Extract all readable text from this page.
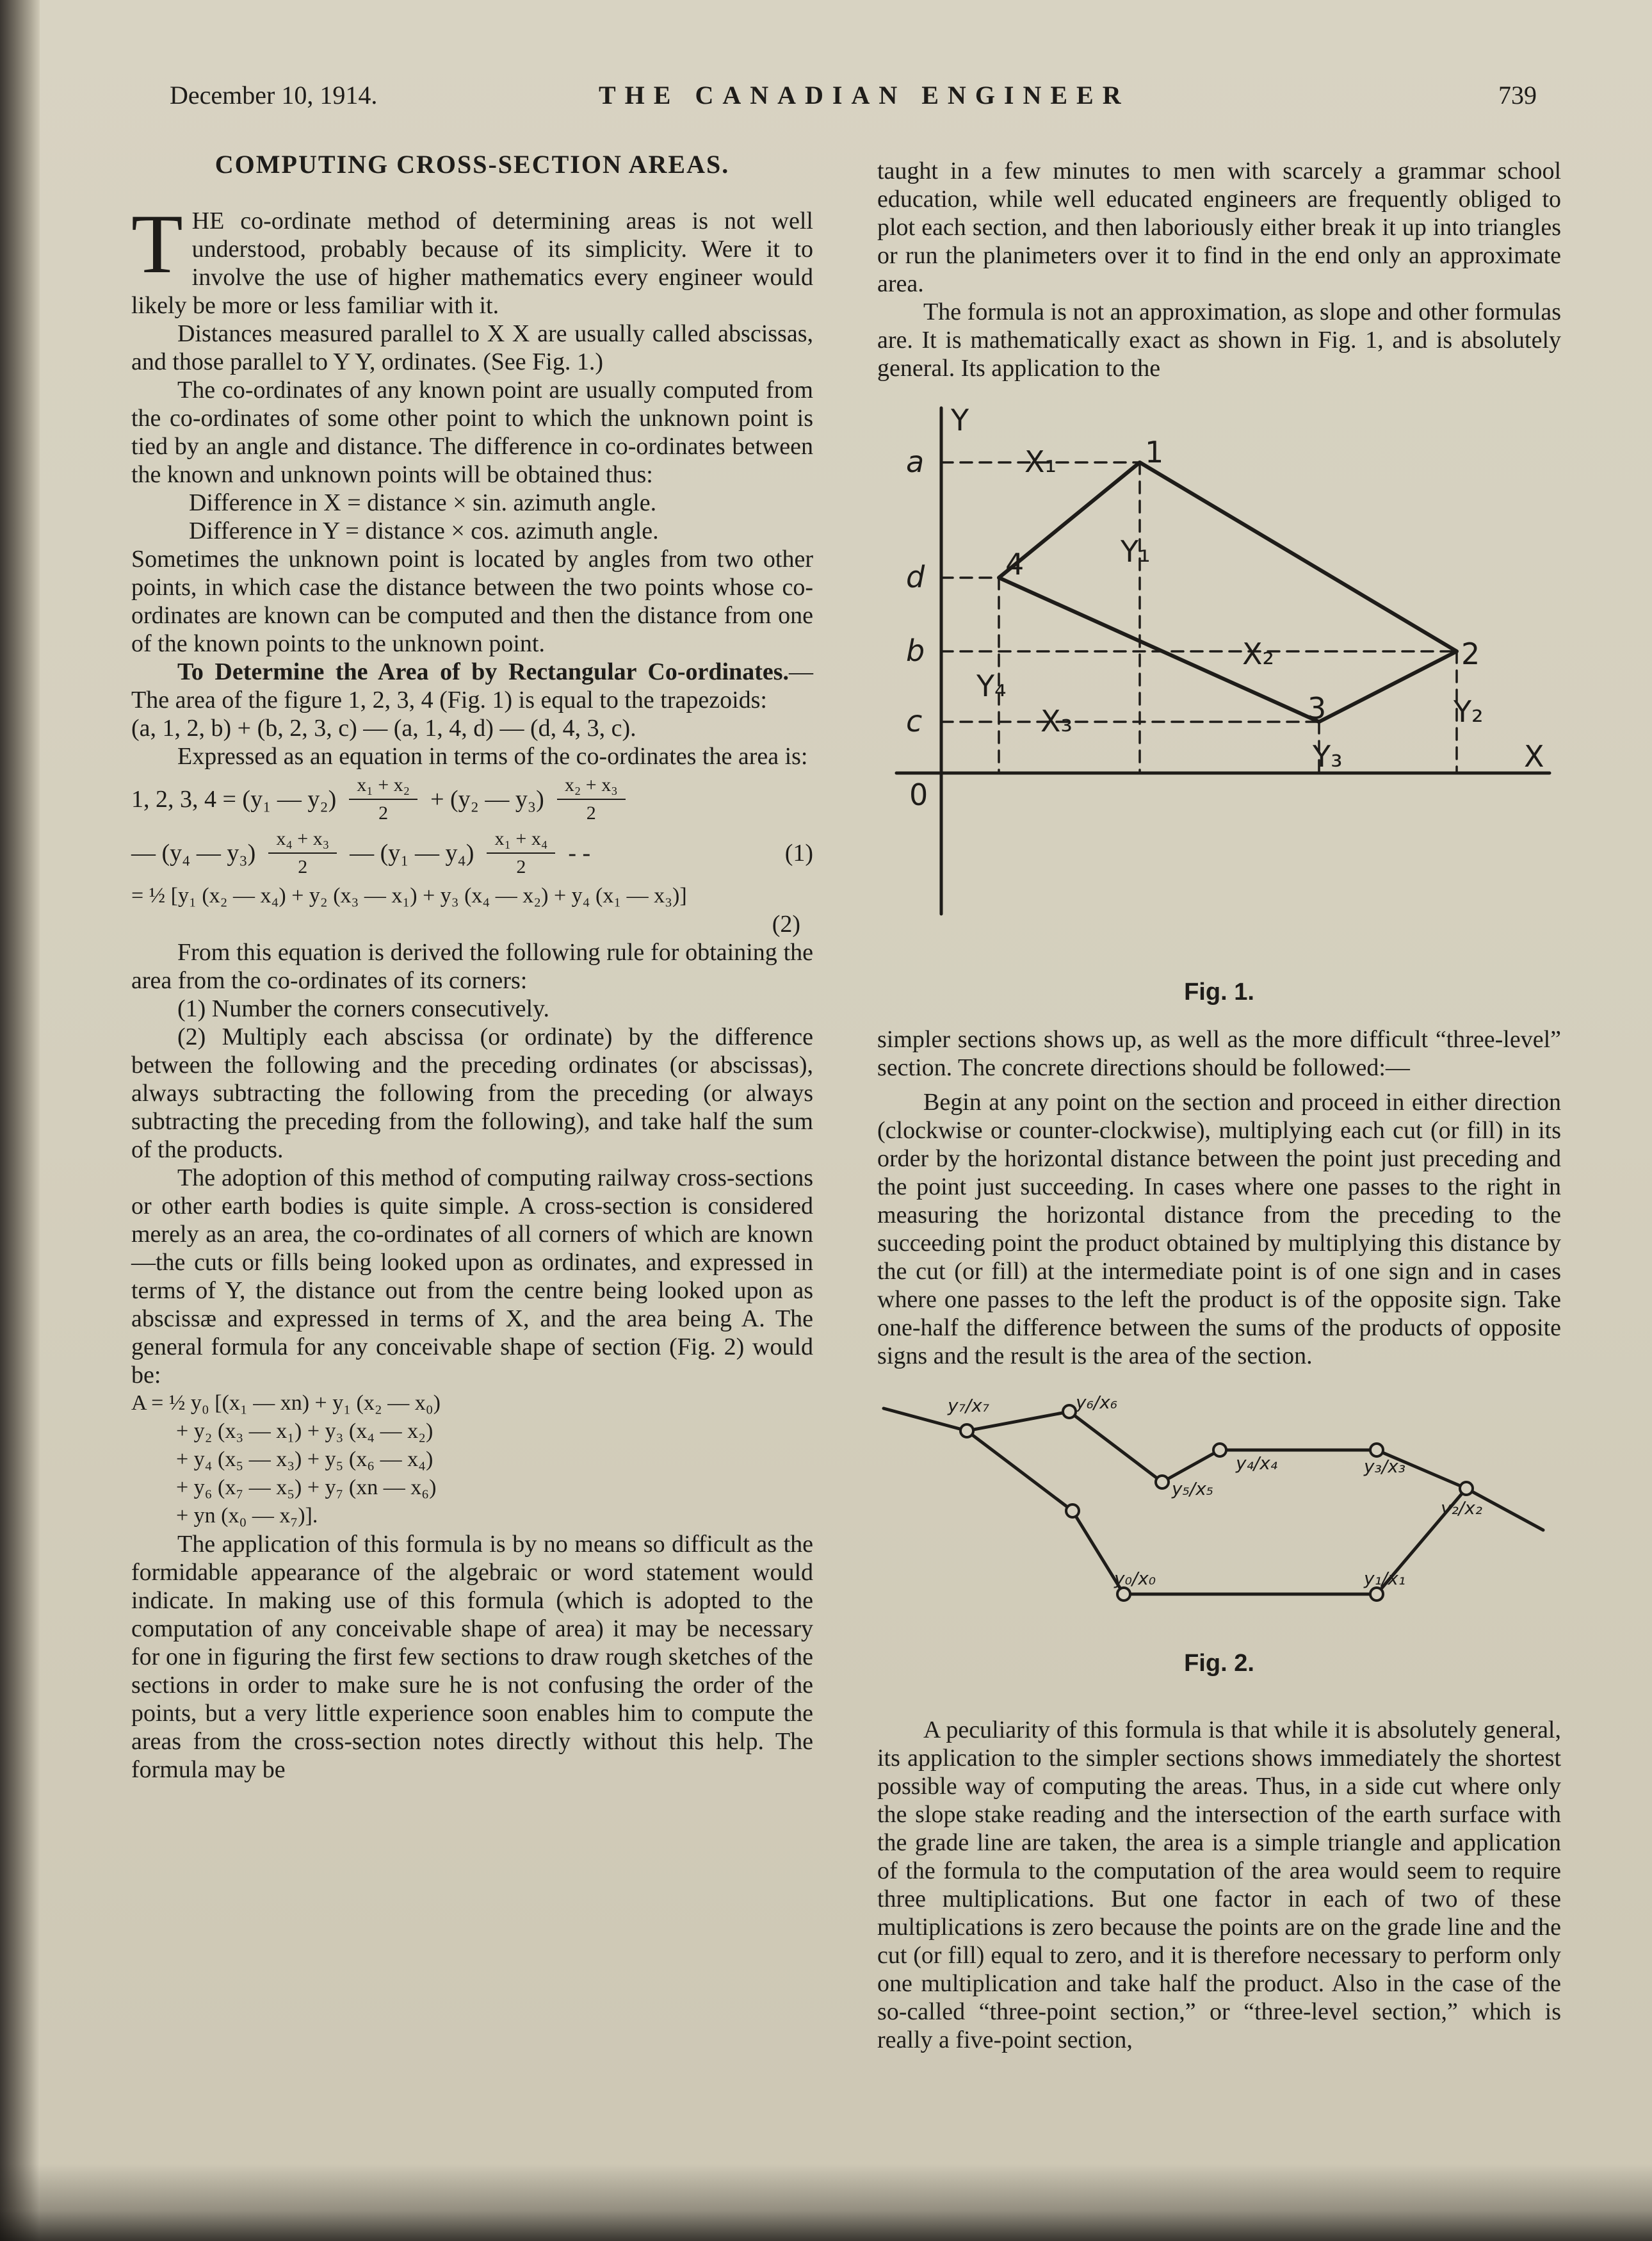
December 10, 1914.	THE CANADIAN ENGINEER	739
COMPUTING CROSS-SECTION AREAS.

THE co-ordinate method of determining areas is not well understood, probably because of its simplicity. Were it to involve the use of higher mathematics every engineer would likely be more or less familiar with it.

Distances measured parallel to X X are usually called abscissas, and those parallel to Y Y, ordinates. (See Fig. 1.)

The co-ordinates of any known point are usually computed from the co-ordinates of some other point to which the unknown point is tied by an angle and distance. The difference in co-ordinates between the known and unknown points will be obtained thus:

Difference in X = distance × sin. azimuth angle.

Difference in Y = distance × cos. azimuth angle.

Sometimes the unknown point is located by angles from two other points, in which case the distance between the two points whose co-ordinates are known can be computed and then the distance from one of the known points to the unknown point.

To Determine the Area of by Rectangular Co-ordinates.—The area of the figure 1, 2, 3, 4 (Fig. 1) is equal to the trapezoids:

(a, 1, 2, b) + (b, 2, 3, c) — (a, 1, 4, d) — (d, 4, 3, c).

Expressed as an equation in terms of the co-ordinates the area is:

1, 2, 3, 4 = (y₁ — $y_2) \frac{\text{x₁ + x₂}}{2} + (y_2$ — $y_3) \frac{\text{x₂ + x₃}}{2}$
— (y₄ — $y_3) \frac{\text{x₄ + x₃}}{2}$ — (y₁ — $y_4) \frac{\text{x₁ + x₄}}{2}$ - -	(1)

= ½ [y₁ (x₂ — x₄) + y₂ (x₃ — x₁) + y₃ (x₄ — x₂) + y₄ (x₁ — x₃)]

(2)

From this equation is derived the following rule for obtaining the area from the co-ordinates of its corners:

(1) Number the corners consecutively.

(2) Multiply each abscissa (or ordinate) by the difference between the following and the preceding ordinates (or abscissas), always subtracting the following from the preceding (or always subtracting the preceding from the following), and take half the sum of the products.

The adoption of this method of computing railway cross-sections or other earth bodies is quite simple. A cross-section is considered merely as an area, the co-ordinates of all corners of which are known—the cuts or fills being looked upon as ordinates, and expressed in terms of Y, the distance out from the centre being looked upon as abscissæ and expressed in terms of X, and the area being A. The general formula for any conceivable shape of section (Fig. 2) would be:

A = ½ y₀ [(x₁ — xn) + y₁ (x₂ — x₀)
+ y₂ (x₃ — x₁) + y₃ (x₄ — x₂)
+ y₄ (x₅ — x₃) + y₅ (x₆ — x₄)
+ y₆ (x₇ — x₅) + y₇ (xn — x₆)
+ yn (x₀ — x₇)].

The application of this formula is by no means so difficult as the formidable appearance of the algebraic or word statement would indicate. In making use of this formula (which is adopted to the computation of any conceivable shape of area) it may be necessary for one in figuring the first few sections to draw rough sketches of the sections in order to make sure he is not confusing the order of the points, but a very little experience soon enables him to compute the areas from the cross-section notes directly without this help. The formula may be

taught in a few minutes to men with scarcely a grammar school education, while well educated engineers are frequently obliged to plot each section, and then laboriously either break it up into triangles or run the planimeters over it to find in the end only an approximate area.

The formula is not an approximation, as slope and other formulas are. It is mathematically exact as shown in Fig. 1, and is absolutely general. Its application to the

Y
X
0
a
d
b
c
1
2
3
4
X₁
X₂
X₃
Y₁
Y₂
Y₃
Y₄
Fig. 1.

simpler sections shows up, as well as the more difficult “three-level” section. The concrete directions should be followed:—

Begin at any point on the section and proceed in either direction (clockwise or counter-clockwise), multiplying each cut (or fill) in its order by the horizontal distance between the point just preceding and the point just succeeding. In cases where one passes to the right in measuring the horizontal distance from the preceding to the succeeding point the product obtained by multiplying this distance by the cut (or fill) at the intermediate point is of one sign and in cases where one passes to the left the product is of the opposite sign. Take one-half the difference between the sums of the products of opposite signs and the result is the area of the section.

y₇/x₇	y₆/x₆
y₅/x₅
y₄/x₄	y₃/x₃
y₂/x₂
y₁/x₁
y₀/x₀
Fig. 2.

A peculiarity of this formula is that while it is absolutely general, its application to the simpler sections shows immediately the shortest possible way of computing the areas. Thus, in a side cut where only the slope stake reading and the intersection of the earth surface with the grade line are taken, the area is a simple triangle and application of the formula to the computation of the area would seem to require three multiplications. But one factor in each of two of these multiplications is zero because the points are on the grade line and the cut (or fill) equal to zero, and it is therefore necessary to perform only one multiplication and take half the product. Also in the case of the so-called “three-point section,” or “three-level section,” which is really a five-point section,
